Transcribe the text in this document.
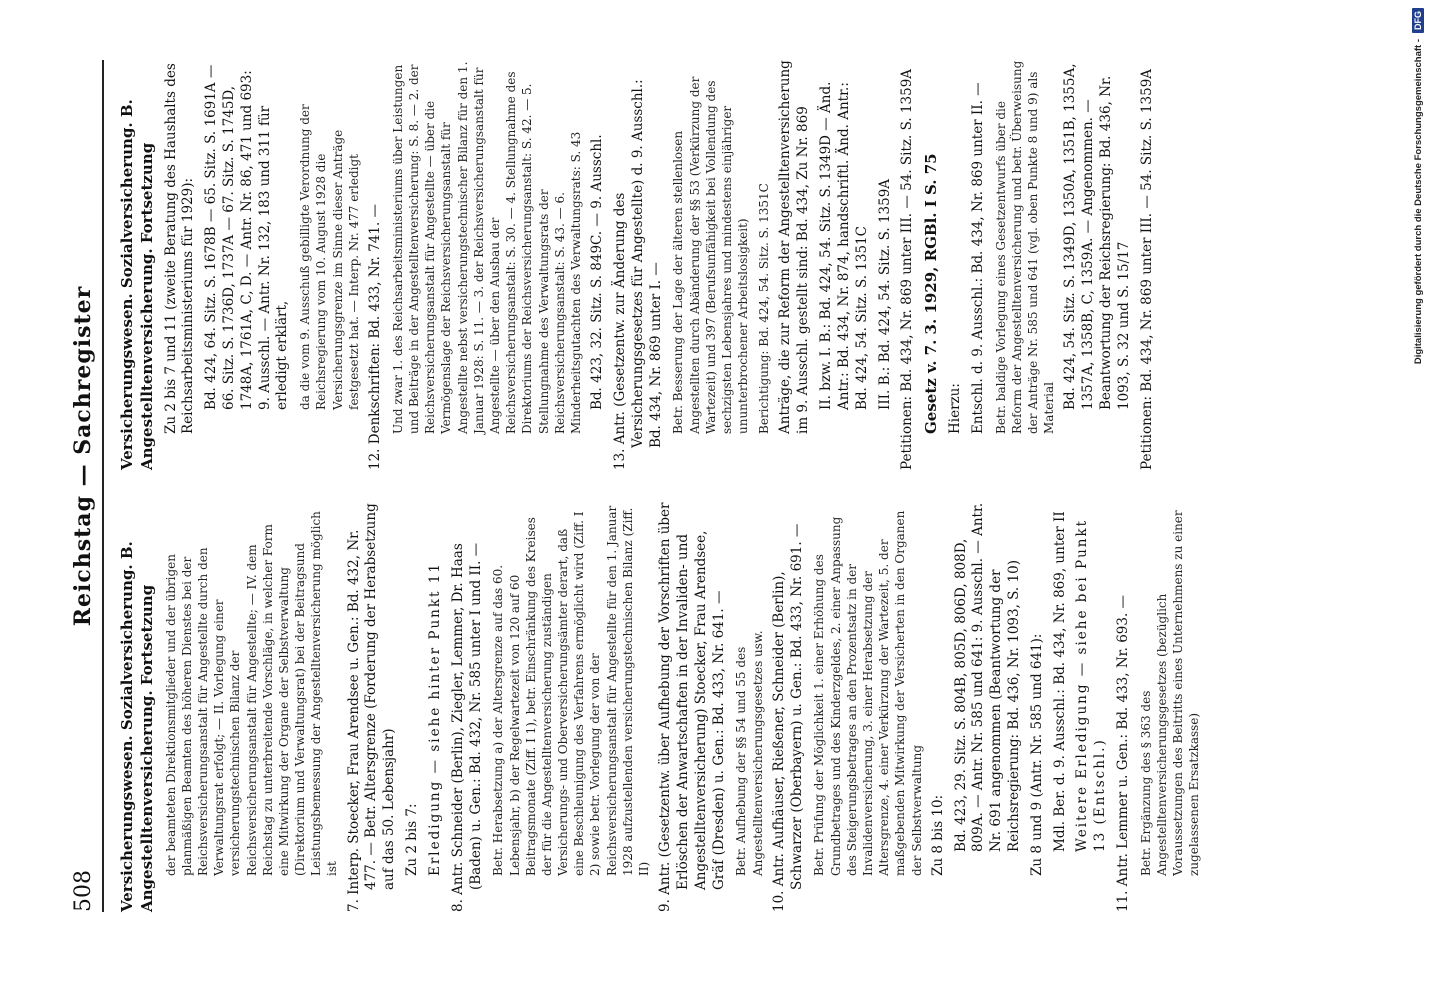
508
Reichstag — Sachregister

Versicherungswesen. Sozialversicherung. B. Angestelltenversicherung. Fortsetzung der beamteten Direktionsmitglieder und der übrigen planmäßigen Beamten des höheren Dienstes bei der Reichsversicherungsanstalt für Angestellte durch den Verwaltungsrat erfolgt; — II. Vorlegung einer versicherungstechnischen Bilanz der Reichsversicherungsanstalt für Angestellte; — IV. dem Reichstag zu unterbreitende Vorschläge, in welcher Form eine Mitwirkung der Organe der Selbstverwaltung (Direktorium und Verwaltungsrat) bei der Beitragsund Leistungsbemessung der Angestelltenversicherung möglich ist 7. Interp. Stoecker, Frau Arendsee u. Gen.: Bd. 432, Nr. 477. — Betr. Altersgrenze (Forderung der Herabsetzung auf das 50. Lebensjahr) Zu 2 bis 7: Erledigung — siehe hinter Punkt 11 8. Antr. Schneider (Berlin), Ziegler, Lemmer, Dr. Haas (Baden) u. Gen.: Bd. 432, Nr. 585 unter I und II. — Betr. Herabsetzung a) der Altersgrenze auf das 60. Lebensjahr, b) der Regelwartezeit von 120 auf 60 Beitragsmonate (Ziff. I 1), betr. Einschränkung des Kreises der für die Angestelltenversicherung zuständigen Versicherungs- und Oberversicherungsämter derart, daß eine Beschleunigung des Verfahrens ermöglicht wird (Ziff. I 2) sowie betr. Vorlegung der von der Reichsversicherungsanstalt für Angestellte für den 1. Januar 1928 aufzustellenden versicherungstechnischen Bilanz (Ziff. II) 9. Antr. (Gesetzentw. über Aufhebung der Vorschriften über Erlöschen der Anwartschaften in der Invaliden- und Angestelltenversicherung) Stoecker, Frau Arendsee, Gräf (Dresden) u. Gen.: Bd. 433, Nr. 641. — Betr. Aufhebung der §§ 54 und 55 des Angestelltenversicherungsgesetzes usw. 10. Antr. Aufhäuser, Rießener, Schneider (Berlin), Schwarzer (Oberbayern) u. Gen.: Bd. 433, Nr. 691. — Betr. Prüfung der Möglichkeit 1. einer Erhöhung des Grundbetrages und des Kinderzgeldes, 2. einer Anpassung des Steigerungsbetrages an den Prozentsatz in der Invalidenversicherung, 3. einer Herabsetzung der Altersgrenze, 4. einer Verkürzung der Wartezeit, 5. der maßgebenden Mitwirkung der Versicherten in den Organen der Selbstverwaltung Zu 8 bis 10: Bd. 423, 29. Sitz. S. 804B, 805D, 806D, 808D, 809A. — Antr. Nr. 585 und 641: 9. Ausschl. — Antr. Nr. 691 angenommen (Beantwortung der Reichsregierung: Bd. 436, Nr. 1093, S. 10) Zu 8 und 9 (Antr. Nr. 585 und 641): Mdl. Ber. d. 9. Ausschl.: Bd. 434, Nr. 869, unter II Weitere Erledigung — siehe bei Punkt 13 (Entschl.) 11. Antr. Lemmer u. Gen.: Bd. 433, Nr. 693. — Betr. Ergänzung des § 363 des Angestelltenversicherungsgesetzes (bezüglich Voraussetzungen des Beitritts eines Unternehmens zu einer zugelassenen Ersatzkasse)

Versicherungswesen. Sozialversicherung. B. Angestelltenversicherung. Fortsetzung Zu 2 bis 7 und 11 (zweite Beratung des Haushalts des Reichsarbeitsministeriums für 1929): Bd. 424, 64. Sitz. S. 1678B — 65. Sitz. S. 1691A — 66. Sitz. S. 1736D, 1737A — 67. Sitz. S. 1745D, 1748A, 1761A, C, D. — Antr. Nr. 86, 471 und 693: 9. Ausschl. — Antr. Nr. 132, 183 und 311 für erledigt erklärt, da die vom 9. Ausschuß gebilligte Verordnung der Reichsregierung vom 10. August 1928 die Versicherungsgrenze im Sinne dieser Anträge festgesetzt hat. — Interp. Nr. 477 erledigt 12. Denkschriften: Bd. 433, Nr. 741. — Und zwar 1. des Reichsarbeitsministeriums über Leistungen und Beiträge in der Angestelltenversicherung: S. 8. — 2. der Reichsversicherungsanstalt für Angestellte — über die Vermögenslage der Reichsversicherungsanstalt für Angestellte nebst versicherungstechnischer Bilanz für den 1. Januar 1928: S. 11. — 3. der Reichsversicherungsanstalt für Angestellte — über den Ausbau der Reichsversicherungsanstalt: S. 30. — 4. Stellungnahme des Direktoriums der Reichsversicherungsanstalt: S. 42. — 5. Stellungnahme des Verwaltungsrats der Reichsversicherungsanstalt: S. 43. — 6. Minderheitsgutachten des Verwaltungsrats: S. 43 Bd. 423, 32. Sitz. S. 849C. — 9. Ausschl. 13. Antr. (Gesetzentw. zur Änderung des Versicherungsgesetzes für Angestellte) d. 9. Ausschl.: Bd. 434, Nr. 869 unter I. — Betr. Besserung der Lage der älteren stellenlosen Angestellten durch Abänderung der §§ 53 (Verkürzung der Wartezeit) und 397 (Berufsunfähigkeit bei Vollendung des sechzigsten Lebensjahres und mindestens einjähriger ununterbrochener Arbeitslosigkeit) Berichtigung: Bd. 424, 54. Sitz. S. 1351C Anträge, die zur Reform der Angestelltenversicherung im 9. Ausschl. gestellt sind: Bd. 434, Zu Nr. 869 II. bzw. I. B.: Bd. 424, 54. Sitz. S. 1349D — Änd. Antr.: Bd. 434, Nr. 874, handschriftl. Änd. Antr.: Bd. 424, 54. Sitz. S. 1351C III. B.: Bd. 424, 54. Sitz. S. 1359A Petitionen: Bd. 434, Nr. 869 unter III. — 54. Sitz. S. 1359A Gesetz v. 7. 3. 1929, RGBl. I S. 75 Hierzu: Entschl. d. 9. Ausschl.: Bd. 434, Nr. 869 unter II. — Betr. baldige Vorlegung eines Gesetzentwurfs über die Reform der Angestelltenversicherung und betr. Überweisung der Anträge Nr. 585 und 641 (vgl. oben Punkte 8 und 9) als Material Bd. 424, 54. Sitz. S. 1349D, 1350A, 1351B, 1355A, 1357A, 1358B, C, 1359A. — Angenommen. — Beantwortung der Reichsregierung: Bd. 436, Nr. 1093, S. 32 und S. 15/17 Petitionen: Bd. 434, Nr. 869 unter III. — 54. Sitz. S. 1359A	Digitalisierung gefördert durch die Deutsche Forschungsgemeinschaft -
DFG
